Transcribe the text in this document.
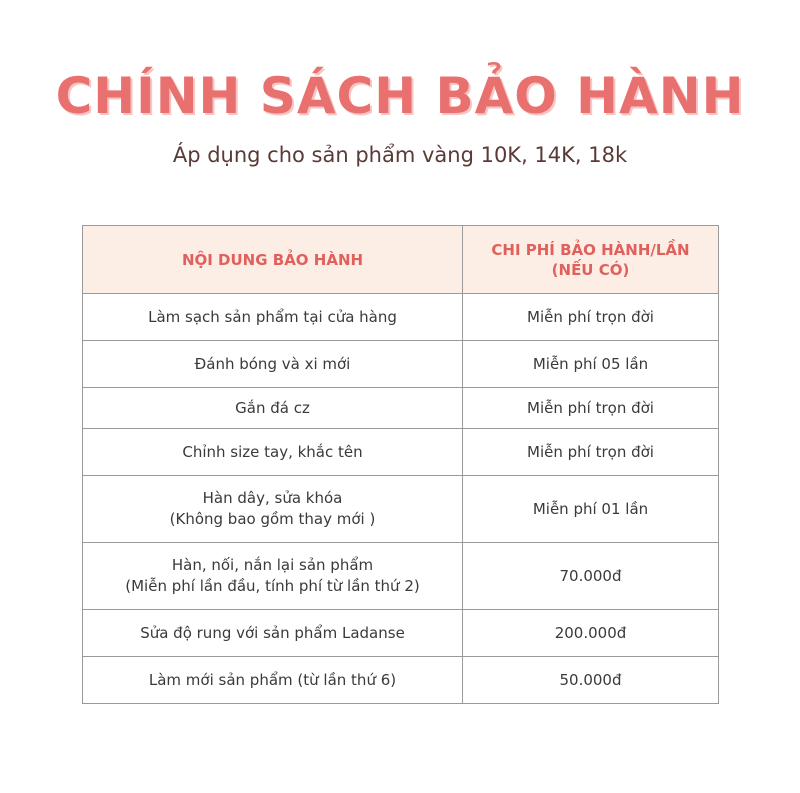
CHÍNH SÁCH BẢO HÀNH

Áp dụng cho sản phẩm vàng 10K, 14K, 18k

NỘI DUNG BẢO HÀNH	CHI PHÍ BẢO HÀNH/LẦN
(NẾU CÓ)

Làm sạch sản phẩm tại cửa hàng	Miễn phí trọn đời

Đánh bóng và xi mới	Miễn phí 05 lần

Gắn đá cz	Miễn phí trọn đời

Chỉnh size tay, khắc tên	Miễn phí trọn đời

Hàn dây, sửa khóa
(Không bao gồm thay mới )	Miễn phí 01 lần

Hàn, nối, nắn lại sản phẩm
(Miễn phí lần đầu, tính phí từ lần thứ 2)	70.000đ

Sửa độ rung với sản phẩm Ladanse	200.000đ

Làm mới sản phẩm (từ lần thứ 6)	50.000đ
